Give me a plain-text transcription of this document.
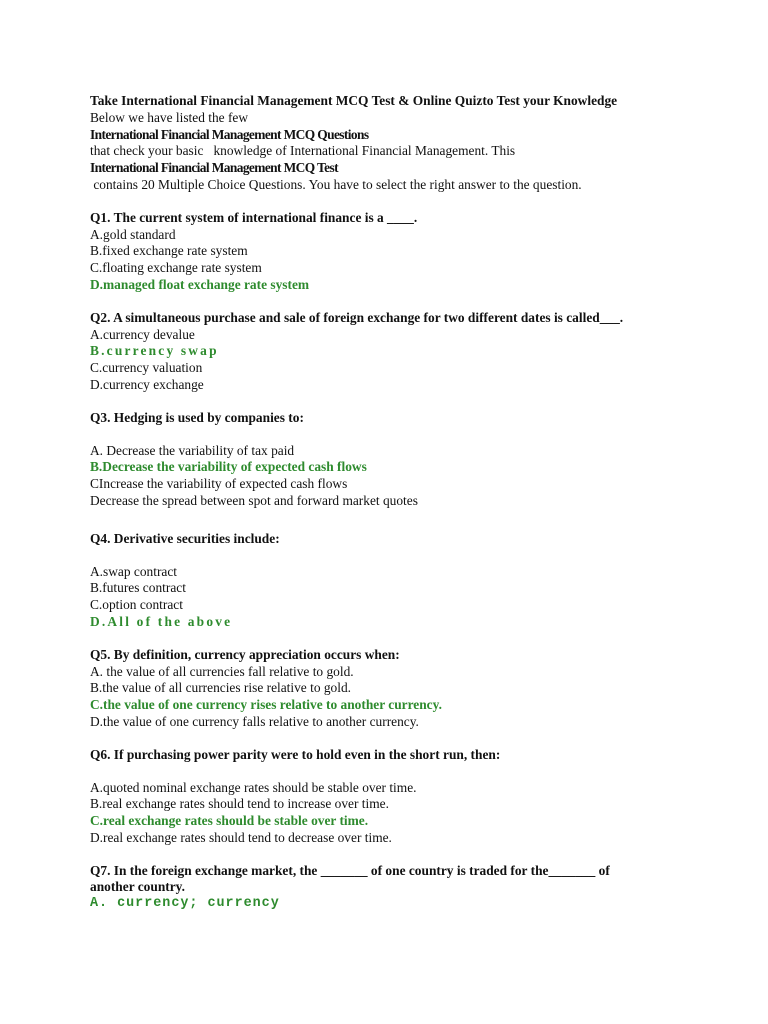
Take International Financial Management MCQ Test & Online Quizto Test your Knowledge
Below we have listed the few
International Financial Management MCQ Questions
that check your basic   knowledge of International Financial Management. This
International Financial Management MCQ Test
contains 20 Multiple Choice Questions. You have to select the right answer to the question.
Q1. The current system of international finance is a ____.
A.gold standard
B.fixed exchange rate system
C.floating exchange rate system
D.managed float exchange rate system
Q2. A simultaneous purchase and sale of foreign exchange for two different dates is called___.
A.currency devalue
B.currency swap
C.currency valuation
D.currency exchange
Q3. Hedging is used by companies to:
A. Decrease the variability of tax paid
B.Decrease the variability of expected cash flows
CIncrease the variability of expected cash flows
Decrease the spread between spot and forward market quotes
Q4. Derivative securities include:
A.swap contract
B.futures contract
C.option contract
D.All of the above
Q5. By definition, currency appreciation occurs when:
A. the value of all currencies fall relative to gold.
B.the value of all currencies rise relative to gold.
C.the value of one currency rises relative to another currency.
D.the value of one currency falls relative to another currency.
Q6. If purchasing power parity were to hold even in the short run, then:
A.quoted nominal exchange rates should be stable over time.
B.real exchange rates should tend to increase over time.
C.real exchange rates should be stable over time.
D.real exchange rates should tend to decrease over time.
Q7. In the foreign exchange market, the _______ of one country is traded for the_______ of
another country.
A. currency; currency
